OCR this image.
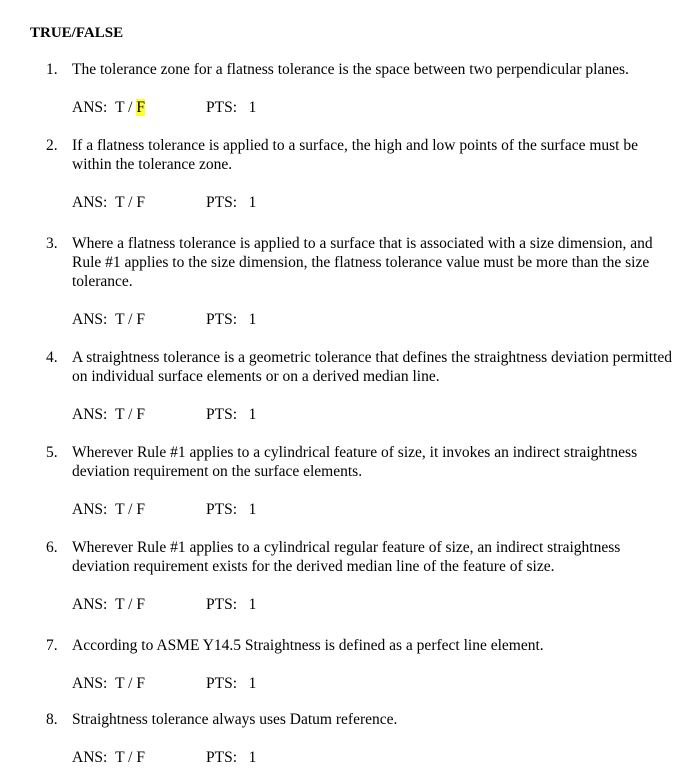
TRUE/FALSE
1. The tolerance zone for a flatness tolerance is the space between two perpendicular planes.
ANS: T / F	PTS: 1
2. If a flatness tolerance is applied to a surface, the high and low points of the surface must be
within the tolerance zone.
ANS: T / F	PTS: 1
3. Where a flatness tolerance is applied to a surface that is associated with a size dimension, and
Rule #1 applies to the size dimension, the flatness tolerance value must be more than the size
tolerance.
ANS: T / F	PTS: 1
4. A straightness tolerance is a geometric tolerance that defines the straightness deviation permitted
on individual surface elements or on a derived median line.
ANS: T / F	PTS: 1
5. Wherever Rule #1 applies to a cylindrical feature of size, it invokes an indirect straightness
deviation requirement on the surface elements.
ANS: T / F	PTS: 1
6. Wherever Rule #1 applies to a cylindrical regular feature of size, an indirect straightness
deviation requirement exists for the derived median line of the feature of size.
ANS: T / F	PTS: 1
7. According to ASME Y14.5 Straightness is defined as a perfect line element.
ANS: T / F	PTS: 1
8. Straightness tolerance always uses Datum reference.
ANS: T / F	PTS: 1
